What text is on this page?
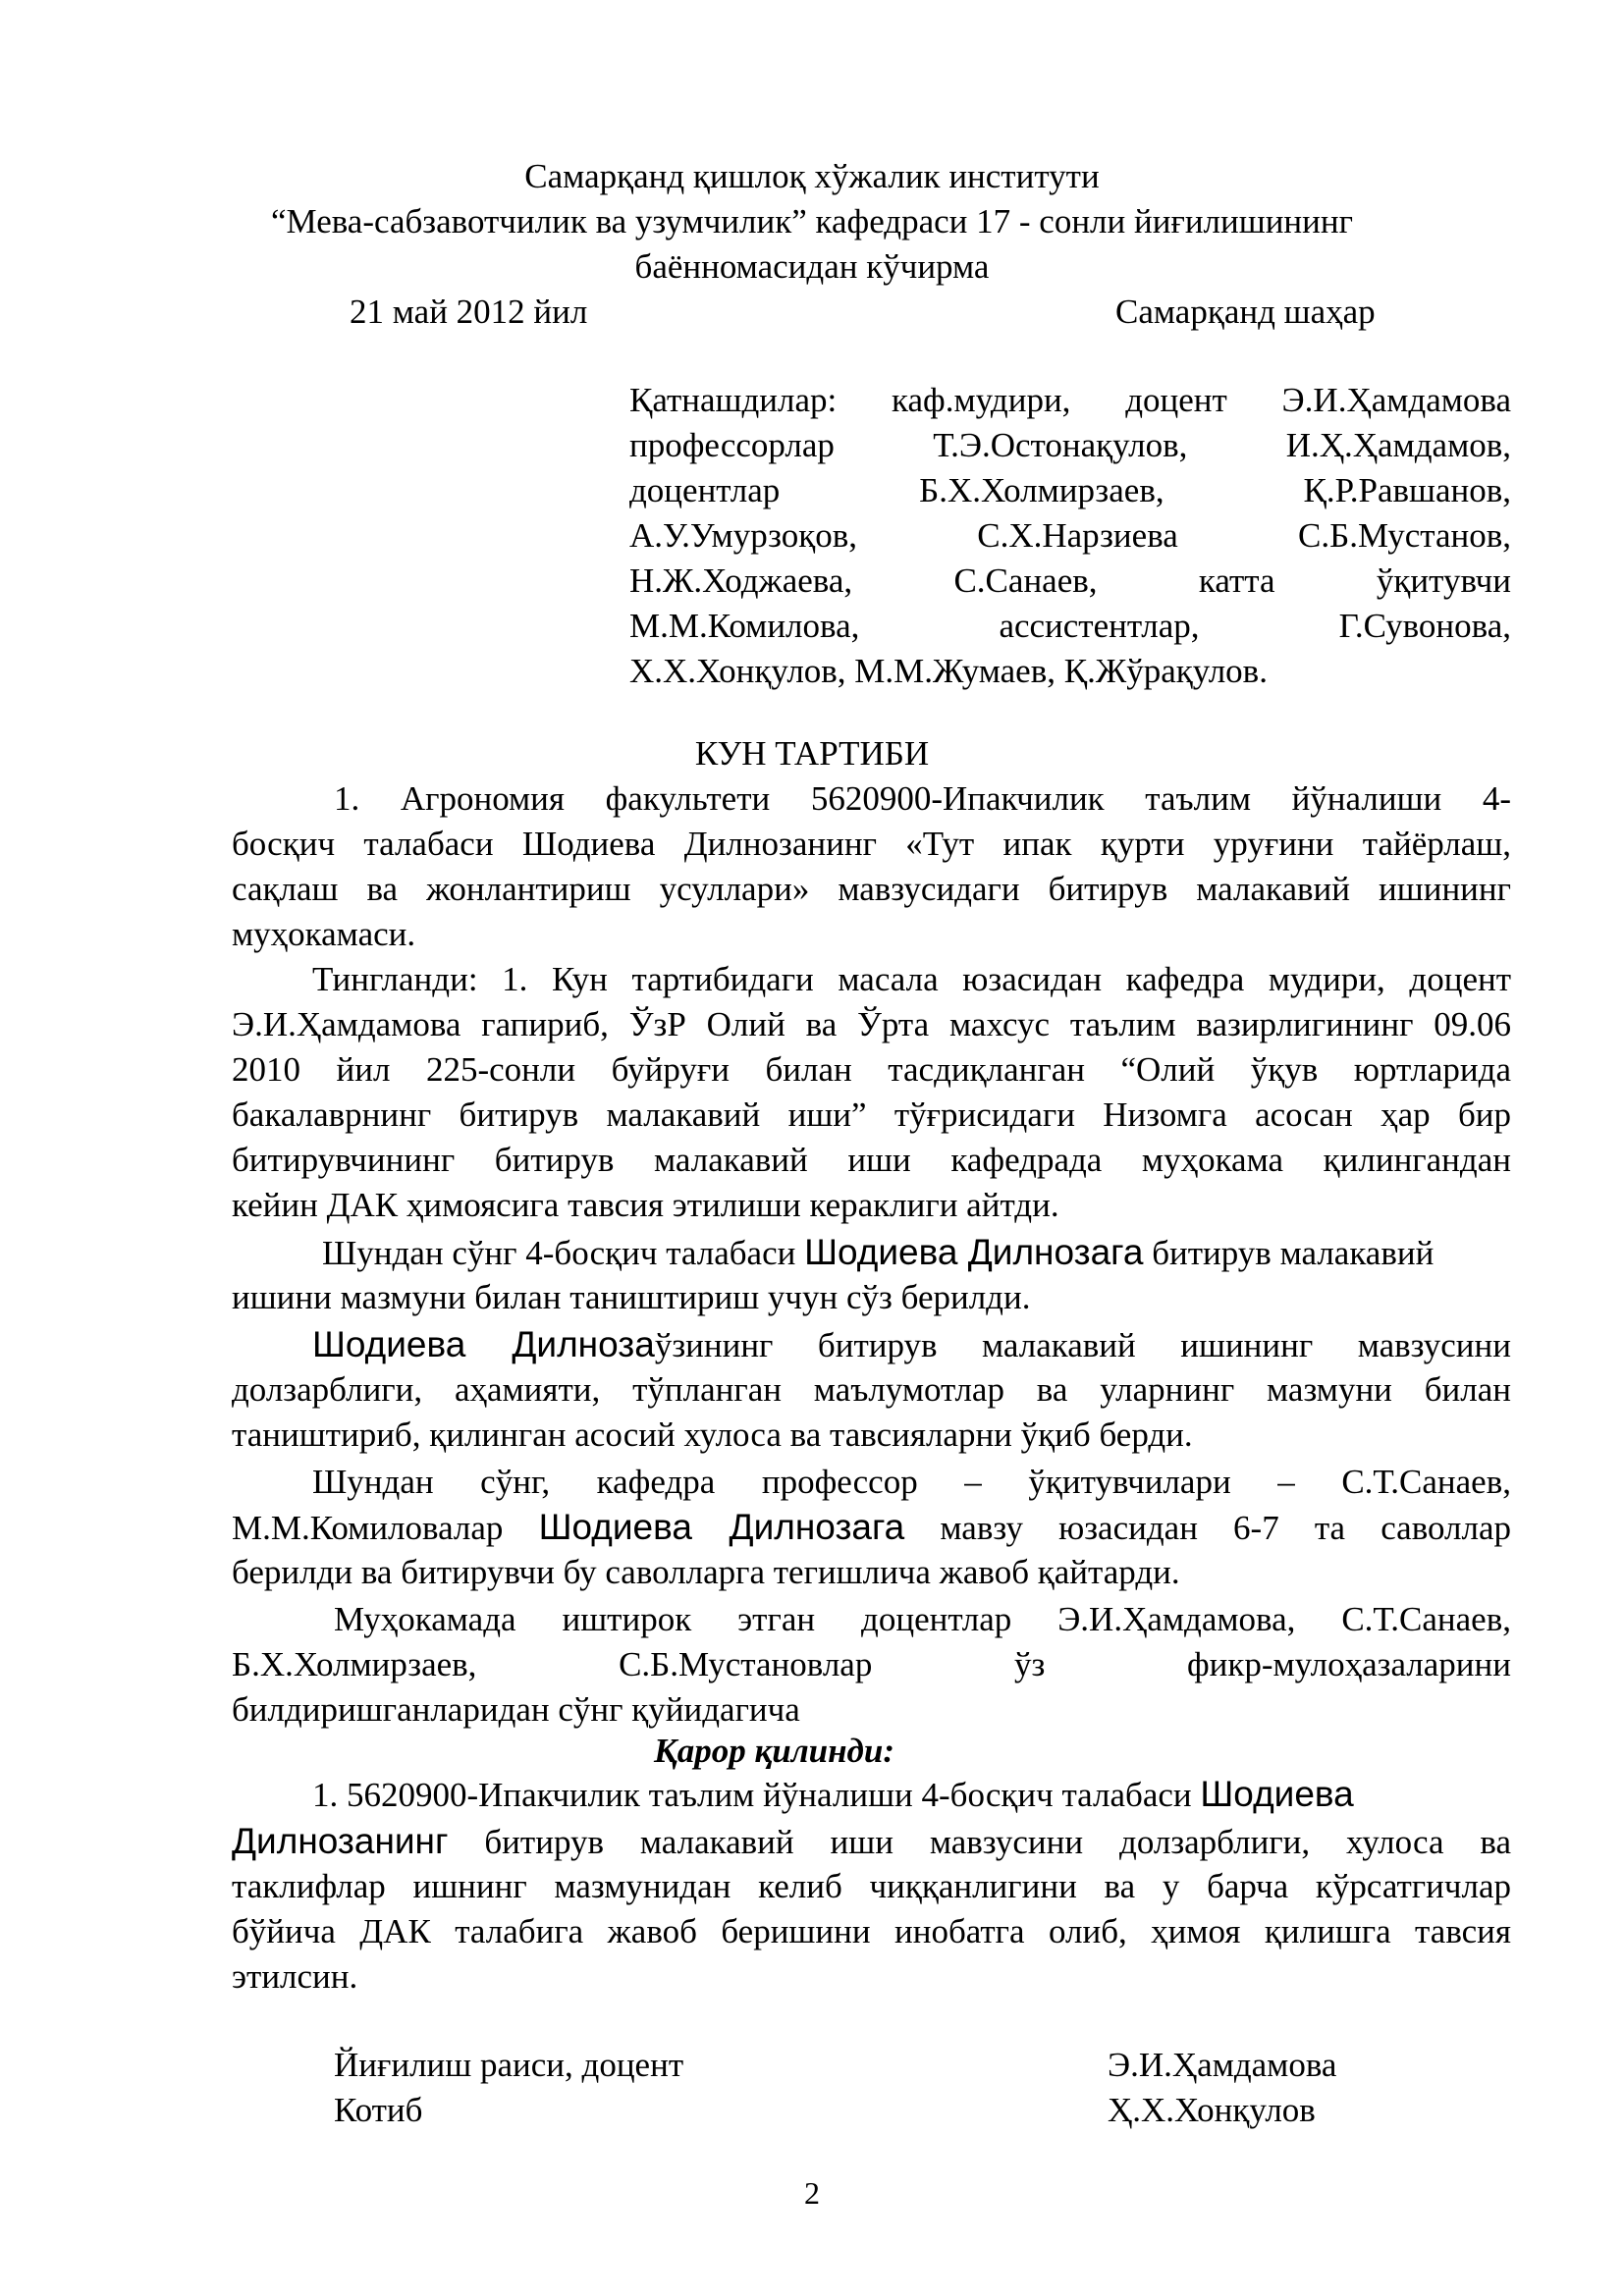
Самарқанд қишлоқ хўжалик институти
“Мева-сабзавотчилик ва узумчилик” кафедраси 17 - сонли йиғилишининг
баённомасидан кўчирма
21 май 2012 йил	Самарқанд шаҳар
Қатнашдилар: каф.мудири, доцент Э.И.Ҳамдамова
профессорлар Т.Э.Остонақулов, И.Ҳ.Ҳамдамов,
доцентлар Б.Х.Холмирзаев, Қ.Р.Равшанов,
А.У.Умурзоқов, С.Х.Нарзиева С.Б.Мустанов,
Н.Ж.Ходжаева, С.Санаев, катта ўқитувчи
М.М.Комилова, ассистентлар, Г.Сувонова,
Х.Х.Хонқулов, М.М.Жумаев, Қ.Жўрақулов.
КУН ТАРТИБИ
1. Агрономия факультети 5620900-Ипакчилик таълим йўналиши 4-
босқич талабаси Шодиева Дилнозанинг «Тут ипак қурти уруғини тайёрлаш,
сақлаш ва жонлантириш усуллари» мавзусидаги битирув малакавий ишининг
муҳокамаси.
Тингланди: 1. Кун тартибидаги масала юзасидан кафедра мудири, доцент
Э.И.Ҳамдамова гапириб, ЎзР Олий ва Ўрта махсус таълим вазирлигининг 09.06
2010 йил 225-сонли буйруғи билан тасдиқланган “Олий ўқув юртларида
бакалаврнинг битирув малакавий иши” тўғрисидаги Низомга асосан ҳар бир
битирувчининг битирув малакавий иши кафедрада муҳокама қилингандан
кейин ДАК ҳимоясига тавсия этилиши кераклиги айтди.
Шундан сўнг 4-босқич талабаси Шодиева Дилнозага битирув малакавий
ишини мазмуни билан таништириш учун сўз берилди.
Шодиева Дилнозаўзининг битирув малакавий ишининг мавзусини
долзарблиги, аҳамияти, тўпланган маълумотлар ва уларнинг мазмуни билан
таништириб, қилинган асосий хулоса ва тавсияларни ўқиб берди.
Шундан сўнг, кафедра профессор – ўқитувчилари – С.Т.Санаев,
М.М.Комиловалар Шодиева Дилнозага мавзу юзасидан 6-7 та саволлар
берилди ва битирувчи бу саволларга тегишлича жавоб қайтарди.
Муҳокамада иштирок этган доцентлар Э.И.Ҳамдамова, С.Т.Санаев,
Б.Х.Холмирзаев, С.Б.Мустановлар ўз фикр-мулоҳазаларини
билдиришганларидан сўнг қуйидагича
Қарор қилинди:
1. 5620900-Ипакчилик таълим йўналиши 4-босқич талабаси Шодиева
Дилнозанинг битирув малакавий иши мавзусини долзарблиги, хулоса ва
таклифлар ишнинг мазмунидан келиб чиққанлигини ва у барча кўрсатгичлар
бўйича ДАК талабига жавоб беришини инобатга олиб, ҳимоя қилишга тавсия
этилсин.
Йиғилиш раиси, доцент	Э.И.Ҳамдамова
Котиб	Ҳ.Х.Хонқулов
2
